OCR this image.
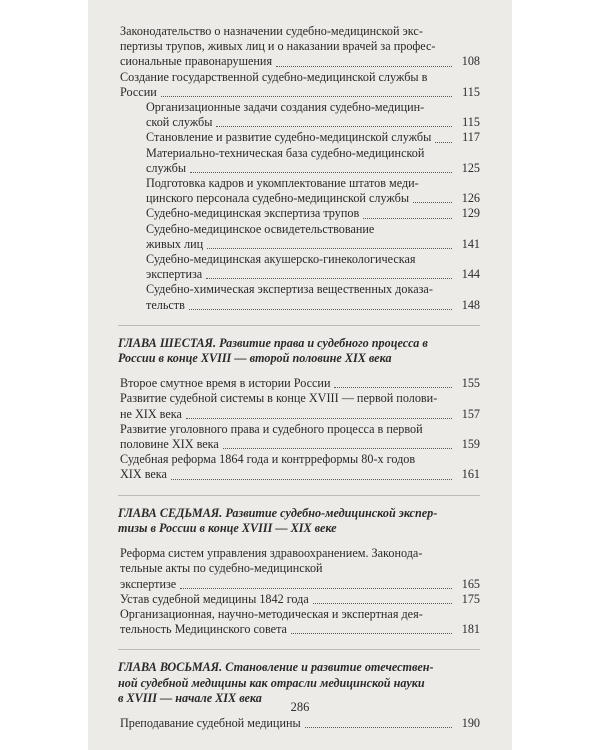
Законодательство о назначении судебно-медицинской экс-
пертизы трупов, живых лиц и о наказании врачей за профес-
сиональные правонарушения	108
Создание государственной судебно-медицинской службы в
России	115
Организационные задачи создания судебно-медицин-
ской службы	115
Становление и развитие судебно-медицинской службы	117
Материально-техническая база судебно-медицинской
службы	125
Подготовка кадров и укомплектование штатов меди-
цинского персонала судебно-медицинской службы	126
Судебно-медицинская экспертиза трупов	129
Судебно-медицинское освидетельствование
живых лиц	141
Судебно-медицинская акушерско-гинекологическая
экспертиза	144
Судебно-химическая экспертиза вещественных доказа-
тельств	148
ГЛАВА ШЕСТАЯ. Развитие права и судебного процесса в
России в конце XVIII — второй половине XIX века
Второе смутное время в истории России	155
Развитие судебной системы в конце XVIII — первой полови-
не XIX века	157
Развитие уголовного права и судебного процесса в первой
половине XIX века	159
Судебная реформа 1864 года и контрреформы 80-х годов
XIX века	161
ГЛАВА СЕДЬМАЯ. Развитие судебно-медицинской экспер-
тизы в России в конце XVIII — XIX веке
Реформа систем управления здравоохранением. Законода-
тельные акты по судебно-медицинской
экспертизе	165
Устав судебной медицины 1842 года	175
Организационная, научно-методическая и экспертная дея-
тельность Медицинского совета	181
ГЛАВА ВОСЬМАЯ. Становление и развитие отечествен-
ной судебной медицины как отрасли медицинской науки
в XVIII — начале XIX века
Преподавание судебной медицины	190
286
